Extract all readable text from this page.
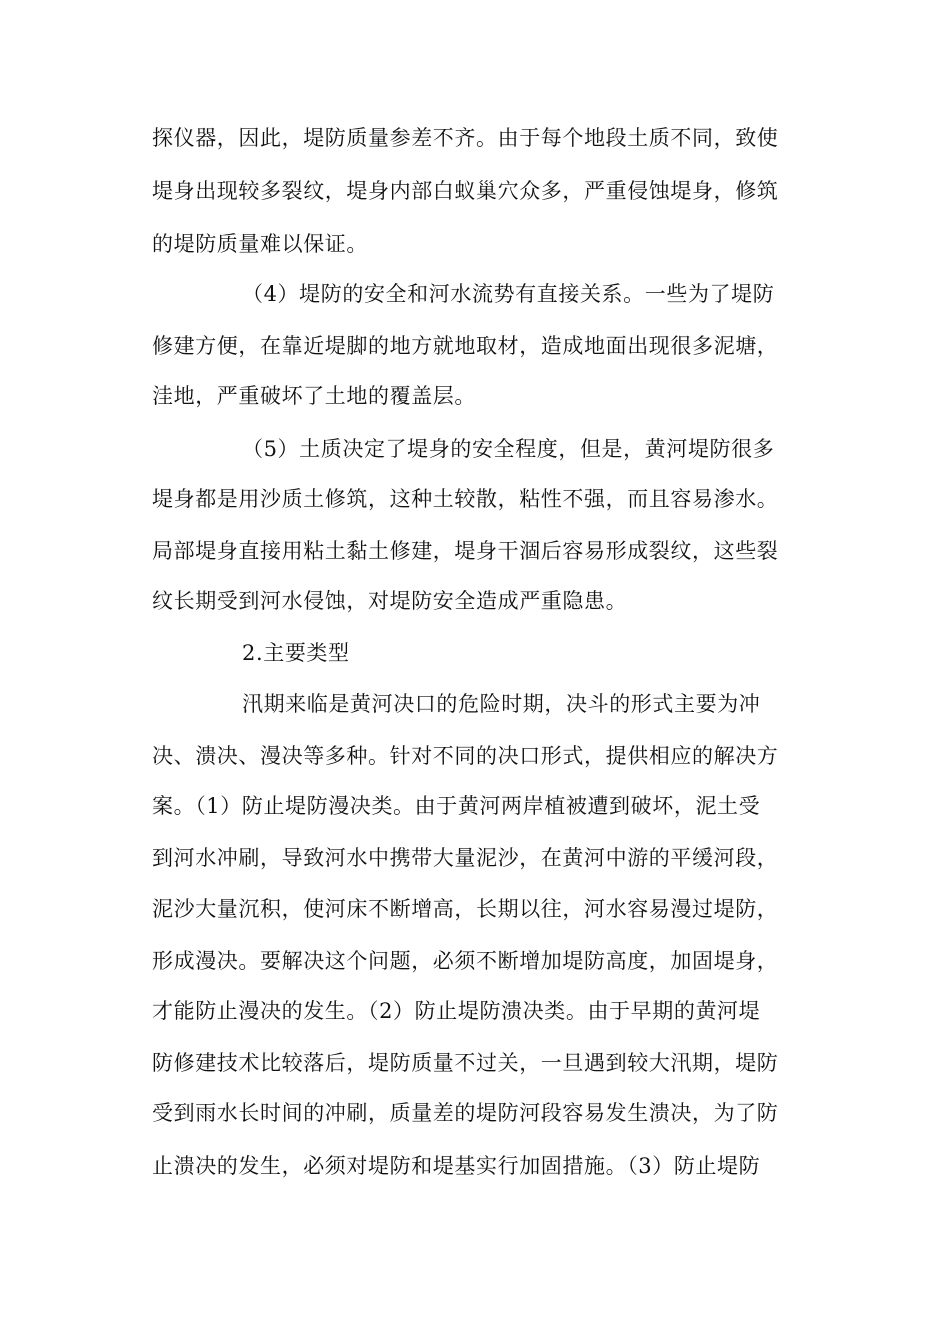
探仪器，因此，堤防质量参差不齐。由于每个地段土质不同，致使
堤身出现较多裂纹，堤身内部白蚁巢穴众多，严重侵蚀堤身，修筑
的堤防质量难以保证。
（4）堤防的安全和河水流势有直接关系。一些为了堤防
修建方便，在靠近堤脚的地方就地取材，造成地面出现很多泥塘，
洼地，严重破坏了土地的覆盖层。
（5）土质决定了堤身的安全程度，但是，黄河堤防很多
堤身都是用沙质土修筑，这种土较散，粘性不强，而且容易渗水。
局部堤身直接用粘土黏土修建，堤身干涸后容易形成裂纹，这些裂
纹长期受到河水侵蚀，对堤防安全造成严重隐患。
2.主要类型
汛期来临是黄河决口的危险时期，决斗的形式主要为冲
决、溃决、漫决等多种。针对不同的决口形式，提供相应的解决方
案。（1）防止堤防漫决类。由于黄河两岸植被遭到破坏，泥土受
到河水冲刷，导致河水中携带大量泥沙，在黄河中游的平缓河段，
泥沙大量沉积，使河床不断增高，长期以往，河水容易漫过堤防，
形成漫决。要解决这个问题，必须不断增加堤防高度，加固堤身，
才能防止漫决的发生。（2）防止堤防溃决类。由于早期的黄河堤
防修建技术比较落后，堤防质量不过关，一旦遇到较大汛期，堤防
受到雨水长时间的冲刷，质量差的堤防河段容易发生溃决，为了防
止溃决的发生，必须对堤防和堤基实行加固措施。（3）防止堤防
